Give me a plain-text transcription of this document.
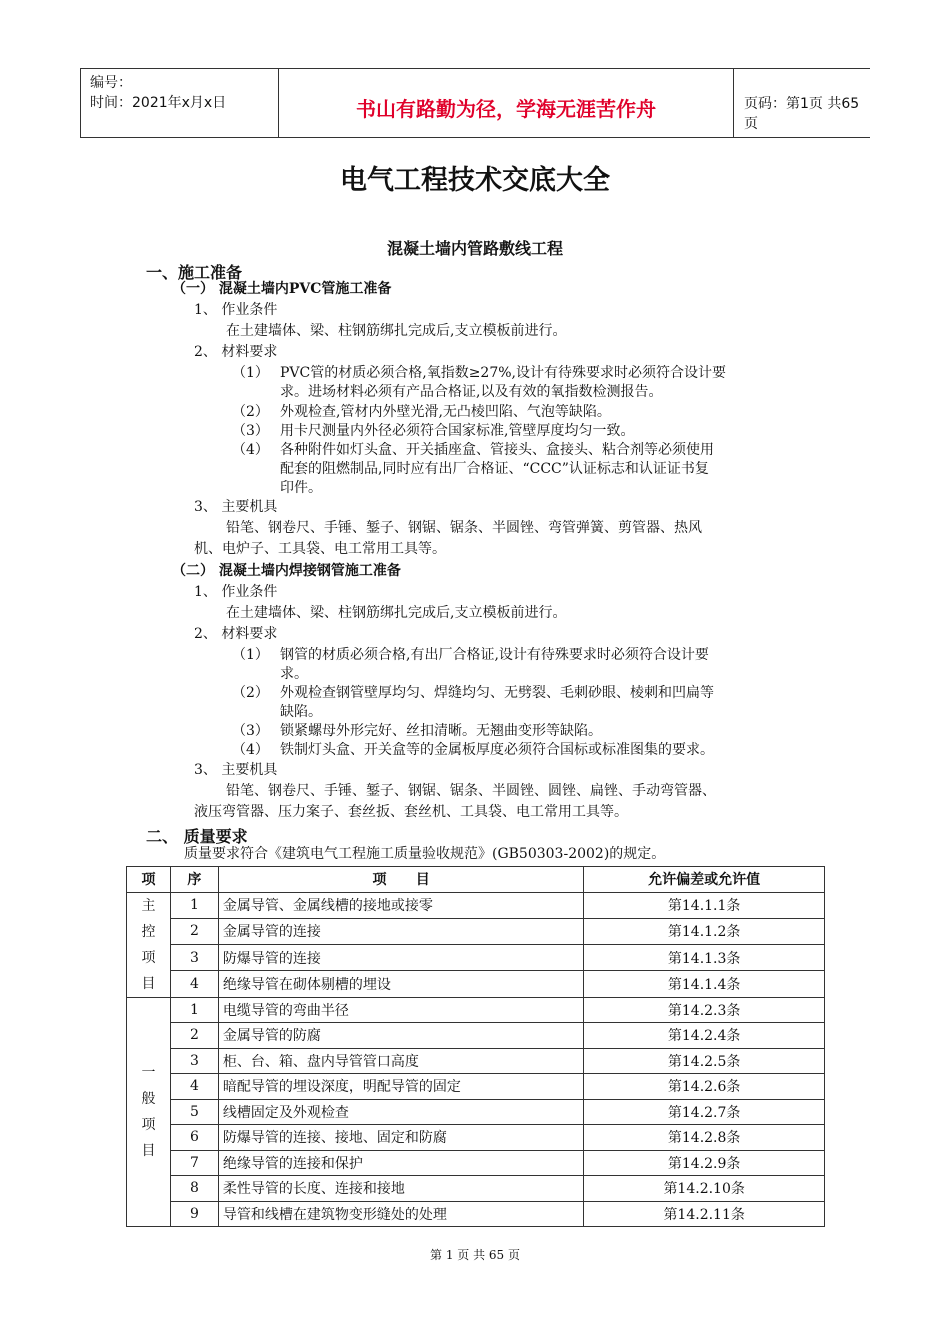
编号：
时间：2021年x月x日	书山有路勤为径，学海无涯苦作舟	页码：第1页 共65页
电气工程技术交底大全
混凝土墙内管路敷线工程
一、施工准备
（一） 混凝土墙内PVC管施工准备
1、 作业条件
在土建墙体、梁、柱钢筋绑扎完成后,支立模板前进行。
2、 材料要求
（1） PVC管的材质必须合格,氧指数≥27%,设计有待殊要求时必须符合设计要
求。进场材料必须有产品合格证,以及有效的氧指数检测报告。
（2） 外观检查,管材内外壁光滑,无凸棱凹陷、气泡等缺陷。
（3） 用卡尺测量内外径必须符合国家标准,管壁厚度均匀一致。
（4） 各种附件如灯头盒、开关插座盒、管接头、盒接头、粘合剂等必须使用
配套的阻燃制品,同时应有出厂合格证、“CCC”认证标志和认证证书复
印件。
3、 主要机具
铅笔、钢卷尺、手锤、錾子、钢锯、锯条、半圆锉、弯管弹簧、剪管器、热风
机、电炉子、工具袋、电工常用工具等。
（二） 混凝土墙内焊接钢管施工准备
1、 作业条件
在土建墙体、梁、柱钢筋绑扎完成后,支立模板前进行。
2、 材料要求
（1） 钢管的材质必须合格,有出厂合格证,设计有待殊要求时必须符合设计要
求。
（2） 外观检查钢管壁厚均匀、焊缝均匀、无劈裂、毛刺砂眼、棱刺和凹扁等
缺陷。
（3） 锁紧螺母外形完好、丝扣清晰。无翘曲变形等缺陷。
（4） 铁制灯头盒、开关盒等的金属板厚度必须符合国标或标准图集的要求。
3、 主要机具
铅笔、钢卷尺、手锤、錾子、钢锯、锯条、半圆锉、圆锉、扁锉、手动弯管器、
液压弯管器、压力案子、套丝扳、套丝机、工具袋、电工常用工具等。
二、 质量要求
质量要求符合《建筑电气工程施工质量验收规范》(GB50303-2002)的规定。
项	序	项      目	允许偏差或允许值
主
控
项
目	1	金属导管、金属线槽的接地或接零	第14.1.1条
	2	金属导管的连接	第14.1.2条
	3	防爆导管的连接	第14.1.3条
	4	绝缘导管在砌体剔槽的埋设	第14.1.4条
一
般
项
目	1	电缆导管的弯曲半径	第14.2.3条
	2	金属导管的防腐	第14.2.4条
	3	柜、台、箱、盘内导管管口高度	第14.2.5条
	4	暗配导管的埋设深度，明配导管的固定	第14.2.6条
	5	线槽固定及外观检查	第14.2.7条
	6	防爆导管的连接、接地、固定和防腐	第14.2.8条
	7	绝缘导管的连接和保护	第14.2.9条
	8	柔性导管的长度、连接和接地	第14.2.10条
	9	导管和线槽在建筑物变形缝处的处理	第14.2.11条
第 1 页 共 65 页
